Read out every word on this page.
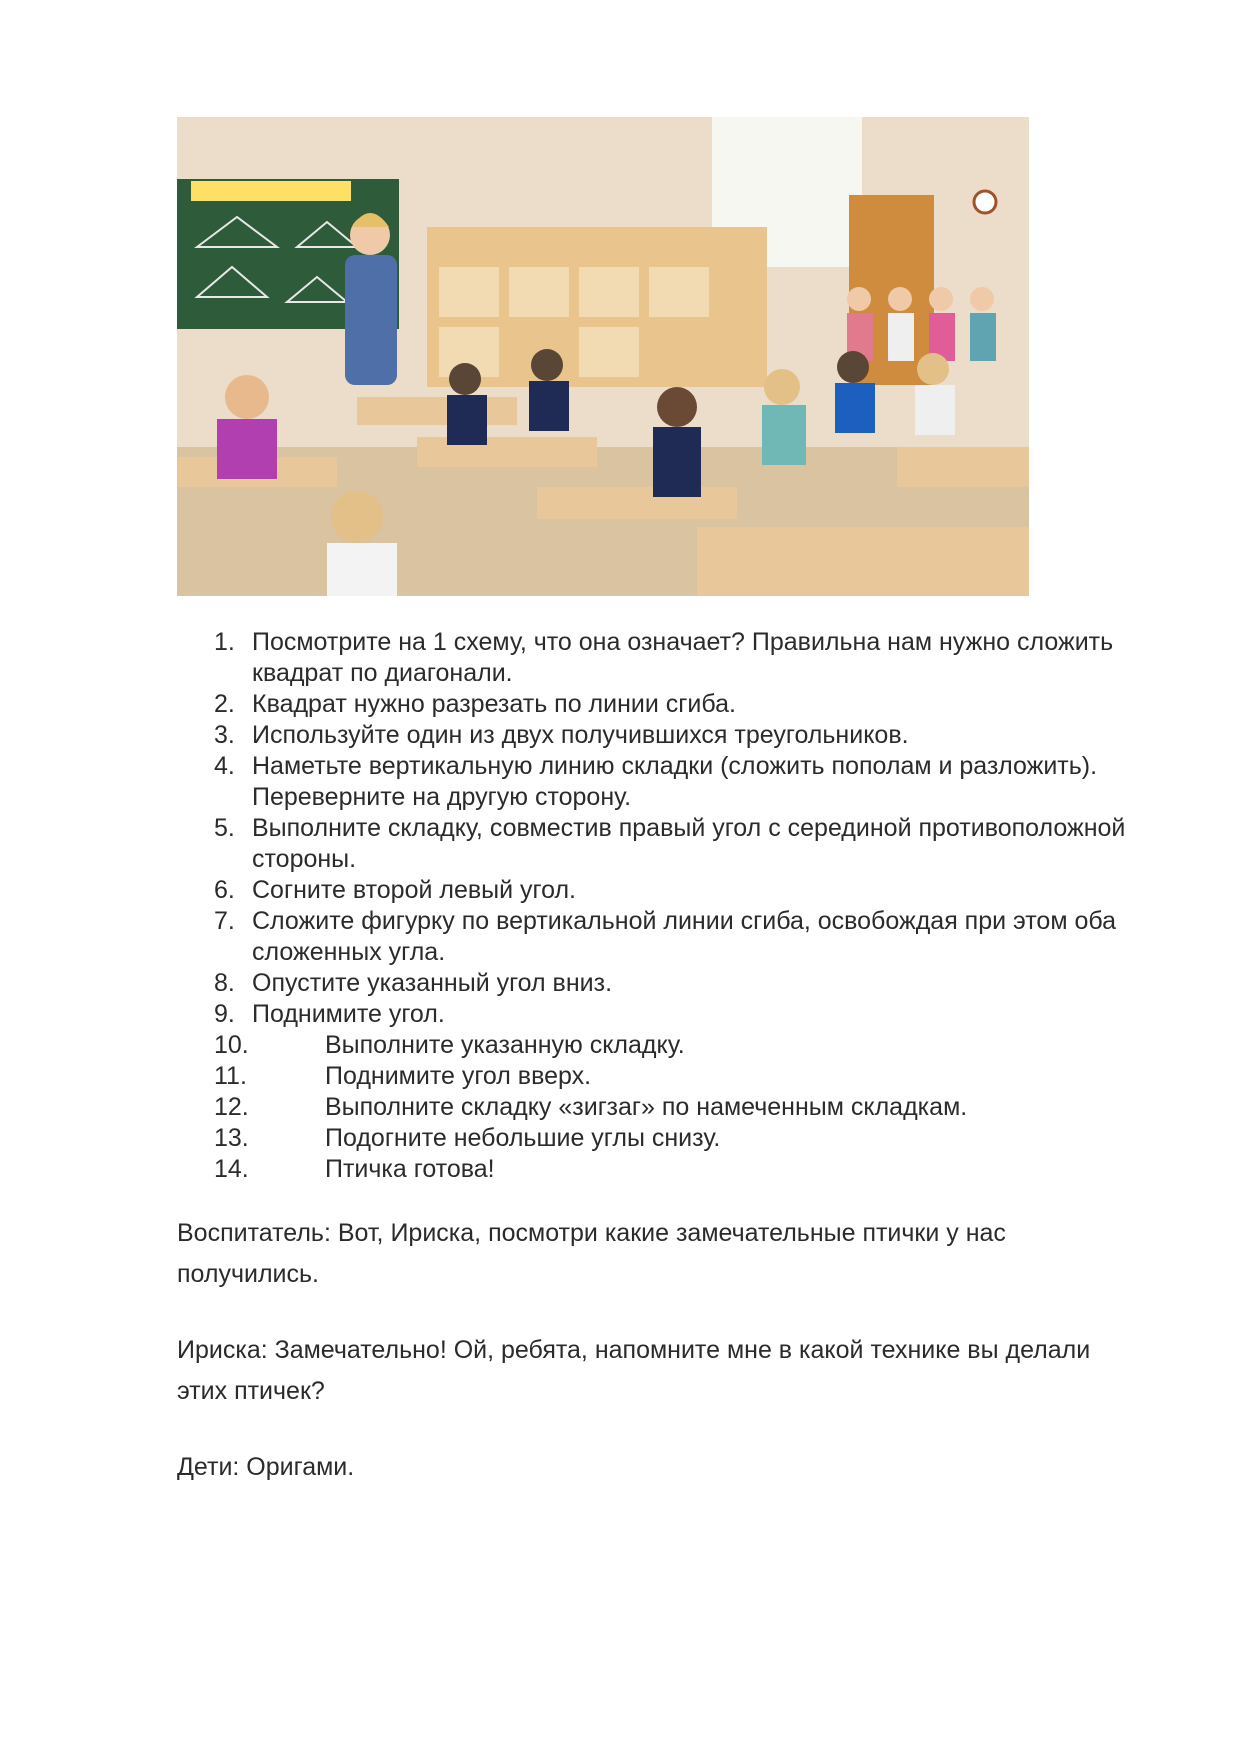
1. Посмотрите на 1 схему, что она означает? Правильна нам нужно сложить квадрат по диагонали.
2. Квадрат нужно разрезать по линии сгиба.
3. Используйте один из двух получившихся треугольников.
4. Наметьте вертикальную линию складки (сложить пополам и разложить). Переверните на другую сторону.
5. Выполните складку, совместив правый угол с серединой противоположной стороны.
6. Согните второй левый угол.
7. Сложите фигурку по вертикальной линии сгиба, освобождая при этом оба сложенных угла.
8. Опустите указанный угол вниз.
9. Поднимите угол.
10.	Выполните указанную складку.
11.	Поднимите угол вверх.
12.	Выполните складку «зигзаг» по намеченным складкам.
13.	Подогните небольшие углы снизу.
14.	Птичка готова!
Воспитатель: Вот, Ириска, посмотри какие замечательные птички у нас получились.
Ириска: Замечательно! Ой, ребята, напомните мне в какой технике вы делали этих птичек?
Дети: Оригами.
